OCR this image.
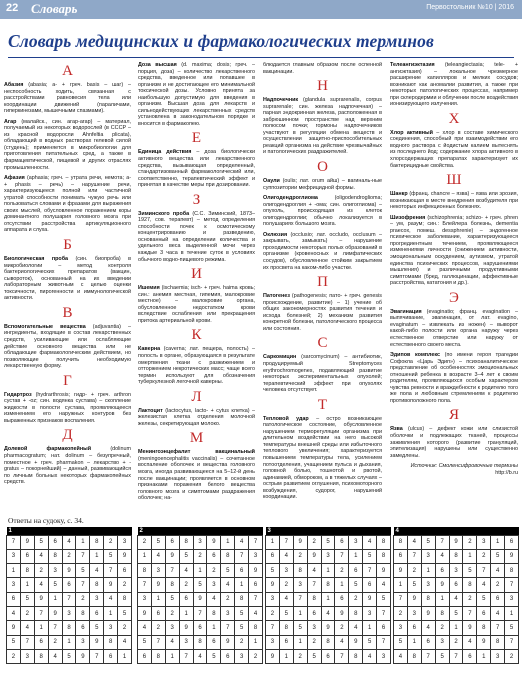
22 Словарь	Первостольник №10 | 2016
Словарь медицинских и фармакологических терминов
А
Абазия (abasia; а- + греч. basis – шаг) – неспособность ходить, связанная с расстройствами равновесия тела или координации движений (параличами, гиперкинезами, мышечными спазмами).
Агар (малайск., син. агар-агар) – материал, получаемый из некоторых водорослей (в СССР – из красной водоросли Ahnfeltia plicata), обладающий в водных растворах гелевой силой (студень); применяется в микробиологии для приготовления питательных сред, а также в фармацевтической, пищевой и других отраслях промышленности.
Афазия (aphasia; греч. – утрата речи, немота; а- + phasis – речь) – нарушение речи, характеризующееся полной или частичной утратой способности понимать чужую речь или пользоваться словами и фразами для выражения своих мыслей, обусловленное поражением коры доминантного полушария головного мозга при отсутствии расстройства артикуляционного аппарата и слуха.
Б
Биологическая проба (син. биопроба) в микробиологии – метод контроля бактериологических препаратов (вакцин, сывороток), основанный на их введении лабораторным животным с целью оценки токсичности, пирогенности и иммунологической активности.
В
Вспомогательные вещества (adjuvantia) – ингредиенты, входящие в состав лекарственных средств, усиливающие или ослабляющие действие основного вещества или не обладающие фармакологическим действием, но позволяющие получить необходимую лекарственную форму.
Г
Гидартроз (hydrarthrosis; гидр- + греч. arthron сустав + -oz; син. водянка сустава) – скопление жидкости в полости сустава, проявляющееся изменением его наружных контуров без выраженных признаков воспаления.
Д
Долевой фармакопейный	(dolinum pharmacogratum; нат. dolinum – безупречный, поместное + греч. pharmakon – лекарство + -gratus – покорнейший) – данный, развивающийся по личным больных некоторых фармакопейных средств.
Доза высшая (d. maxima; dosis; греч. – порция, доза) – количество лекарственного средства, введенное или попавшее в организм и не достигающее его минимальной токсической дозы. Условно принята за наибольшую допустимую для введения в организм. Высшая доза для лекарств и сильнодействующих лекарственных средств установлена в законодательном порядке и вносится в фармакопею.
Е
Единица действия – доза биологически активного вещества или лекарственного средства, вызывающая определенный, стандартизованный фармакологический или, соответственно, терапевтический эффект и принятая в качестве меры при дозировании.
З
Зиминского проба (С.С. Зиминский, 1873–1927, сов. терапевт) – метод определения способности почек к осмотическому концентрированию и разведению, основанный на определении количества и удельного веса выделенной мочи через каждые 3 часа в течение суток в условиях обычного водно-пищевого режима.
И
Ишемия (ischaemia; isch- + греч. haima кровь; син.: анемия местная, гипемия, малокровие местное) – малокровие органа, обусловленное недостатком крови вследствие ослабления или прекращения притока артериальной крови.
К
Каверна (caverna; лат. пещера, полость) – полость в органе, образующаяся в результате омертвения ткани с разжижением и отторжением некротических масс; чаще всего термин используют для обозначения туберкулезной легочной каверны.
Л
Лактоцит (lactocytus, lacto- + cytus клетка) – железистая клетка отделения молочной железы, секретирующая молоко.
М
Менингоэнцефалит вакцинальный (meningoencephalitis vaccinalis) – сочетанное воспаление оболочек и вещества головного мозга, иногда развивающееся на 5–12-й день после вакцинации; проявляется в основном признаками поражения белого вещества головного мозга и симптомами раздражения оболочек; на-
блюдается главным образом после оспенной вакцинации.
Н
Надпочечник (glandula suprarenalis, corpus suprarenale; син. железа надпочечная) – парная эндокринная железа, расположенная в забрюшинном пространстве над верхним полюсом почки; гормоны надпочечников участвуют в регуляции обмена веществ и осуществлении защитно-приспособительных реакций организма на действие чрезвычайных и патологических раздражителей.
О
Оаули (oulis; лат. orum айш) – вагиналь-ные суппозитории мефрицидной формы.
Олигодендроглиома	(oligodendroglioma; олигодендроглия + -ома; син. олигоглиома) – опухоль, происходящая из клеток олигодендроглии; обычно локализуется в полушариях большого мозга.
Оклюзия (occlusio; лат. occludo, occlusum – закрывать, замыкать) – нарушение проходимости некоторых полых образований в организме (кровеносных и лимфатических сосудов), обусловленное стойким закрытием их просвета на каком-либо участке.
П
Патогенез (pathogenesis; пато- + греч. genesis происхождение, развитие) – 1) учение об общих закономерностях развития течения и исхода болезней; 2) механизм развития конкретной болезни, патологического процесса или состояния.
С
Саркомицин (sarcomycinum) – антибиотик, продуцируемый Streptomyces erythrochromogenes, подавляющий развитие некоторых экспериментальных опухолей; терапевтический эффект при опухолях человека отсутствует.
Т
Тепловой удар – остро возникающее патологическое состояние, обусловленное нарушением терморегуляции организма при длительном воздействии на него высокой температуры внешней среды или избыточного теплового увеличения; характеризуется повышением температуры тела, усилением потоотделения, учащением пульса и дыхания, головной болью, тошнотой и рвотой, адинамией, обмороком, а в тяжелых случаях – острым развитием оглушения, психомоторного возбуждения, судорог, нарушений координации.
Телеангиэктазия (teleangiectasia; tele- + ангиэктазия) – локальное чрезмерное расширение капилляров и мелких сосудов; возникают как аномалии развития, а также при некоторых патологических процессах, например при склеродермии и облучении после воздействия ионизирующего излучения.
Х
Хлор активный – хлор в составе химического соединения, способный при взаимодействии его водного раствора с йодистым калием вытеснять из последнего йод; содержание хлора активного в хлорсодержащих препаратах характеризует их бактерицидные свойства.
Ш
Шанкр (франц. chancre – язва) – язва или эрозия, возникающая в месте внедрения возбудителя при некоторых инфекционных болезнях.
Шизофрения (schizophrenia; schizo- + греч. phren – ум, разум; син.: Блейлера болезнь, dementia praecox, помеш. dessphrenie) – эндогенное психическое заболевание, характеризующееся прогредиентным течением, проявляющееся изменениями личности (снижением активности, эмоциональным оскудением, аутизмом, утратой единства психических процессов, нарушениями мышления) и различными продуктивными симптомами (бред, галлюцинации, аффективные расстройства, кататония и др.).
Э
Эвагинация (evaginatio; франц. evagination – выпячивание, эвагинация, от лат. evagino, evaginatum – извлекать из ножен) – выворот какой-либо полости или органа наружу через естественное отверстие или наружу от естественного своего места.
Эдипов комплекс (по имени героя трагедии Софокла «Царь Эдип») – психоаналитическое представление об особенностях эмоциональных отношений ребенка в возрасте 3–4 лет к своим родителям, проявляющихся особым характером чувства ревности и враждебности к родителю того же пола и любовным стремлениям к родителю противоположного пола.
Я
Язва (ulcus) – дефект кожи или слизистой оболочки и подлежащих тканей, процессы заживления которого (развитие грануляций, эпителизация) нарушены или существенно замедлены.
Источник: Смоленсифровочные термины
http://b.ru
Ответы на судоку, с. 34.
1								
7	9	5	6	4	1	8	2	3
3	6	4	8	2	7	1	5	9
1	8	2	3	9	5	4	7	6
3	1	4	5	6	7	8	9	2
6	5	9	1	7	2	3	4	8
4	2	7	9	3	8	6	1	5
9	4	1	7	8	6	5	3	2
5	7	6	2	1	3	9	8	4
2	3	8	4	5	9	7	6	1
2								
2	5	6	8	3	9	1	4	7
1	4	9	5	2	6	8	7	3
8	3	7	4	1	2	5	6	9
7	9	8	2	5	3	4	1	6
3	1	5	6	9	4	2	8	7
9	6	2	1	7	8	3	5	4
4	2	3	9	6	1	7	5	8
5	7	4	3	8	6	9	2	1
6	8	1	7	4	5	6	3	2
3								
1	7	9	2	5	6	3	4	8
6	4	2	9	3	7	1	5	8
5	3	8	4	1	2	6	7	9
9	2	3	7	8	1	5	6	4
3	4	7	8	1	6	2	9	5
2	5	1	6	4	9	8	3	7
7	8	5	3	9	2	4	1	6
3	6	1	2	8	4	9	5	7
9	1	2	5	6	7	8	4	3
4								
8	4	5	7	9	2	3	1	6
6	7	3	4	8	1	2	5	9
9	2	1	6	3	5	7	4	8
1	5	3	9	6	8	4	2	7
7	9	8	1	4	2	5	6	3
2	3	9	8	5	7	6	4	1
3	6	4	2	1	9	8	7	5
5	1	6	3	2	4	9	8	7
4	8	7	5	7	6	1	3	2
